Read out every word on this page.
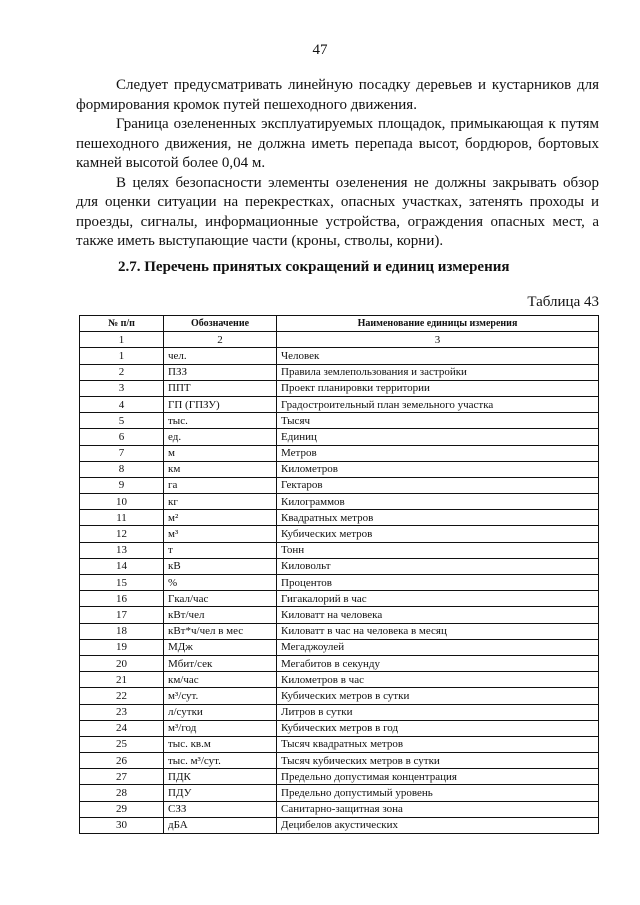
47

Следует предусматривать линейную посадку деревьев и кустарников для формирования кромок путей пешеходного движения.

Граница озелененных эксплуатируемых площадок, примыкающая к путям пешеходного движения, не должна иметь перепада высот, бордюров, бортовых камней высотой более 0,04 м.

В целях безопасности элементы озеленения не должны закрывать обзор для оценки ситуации на перекрестках, опасных участках, затенять проходы и проезды, сигналы, информационные устройства, ограждения опасных мест, а также иметь выступающие части (кроны, стволы, корни).

2.7. Перечень принятых сокращений и единиц измерения
Таблица 43
№ п/п	Обозначение	Наименование единицы измерения
1	2	3
1	чел.	Человек
2	ПЗЗ	Правила землепользования и застройки
3	ППТ	Проект планировки территории
4	ГП (ГПЗУ)	Градостроительный план земельного участка
5	тыс.	Тысяч
6	ед.	Единиц
7	м	Метров
8	км	Километров
9	га	Гектаров
10	кг	Килограммов
11	м²	Квадратных метров
12	м³	Кубических метров
13	т	Тонн
14	кВ	Киловольт
15	%	Процентов
16	Гкал/час	Гигакалорий в час
17	кВт/чел	Киловатт на человека
18	кВт*ч/чел в мес	Киловатт в час на человека в месяц
19	МДж	Мегаджоулей
20	Мбит/сек	Мегабитов в секунду
21	км/час	Километров в час
22	м³/сут.	Кубических метров в сутки
23	л/сутки	Литров в сутки
24	м³/год	Кубических метров в год
25	тыс. кв.м	Тысяч квадратных метров
26	тыс. м³/сут.	Тысяч кубических метров в сутки
27	ПДК	Предельно допустимая концентрация
28	ПДУ	Предельно допустимый уровень
29	СЗЗ	Санитарно-защитная зона
30	дБА	Децибелов акустических
